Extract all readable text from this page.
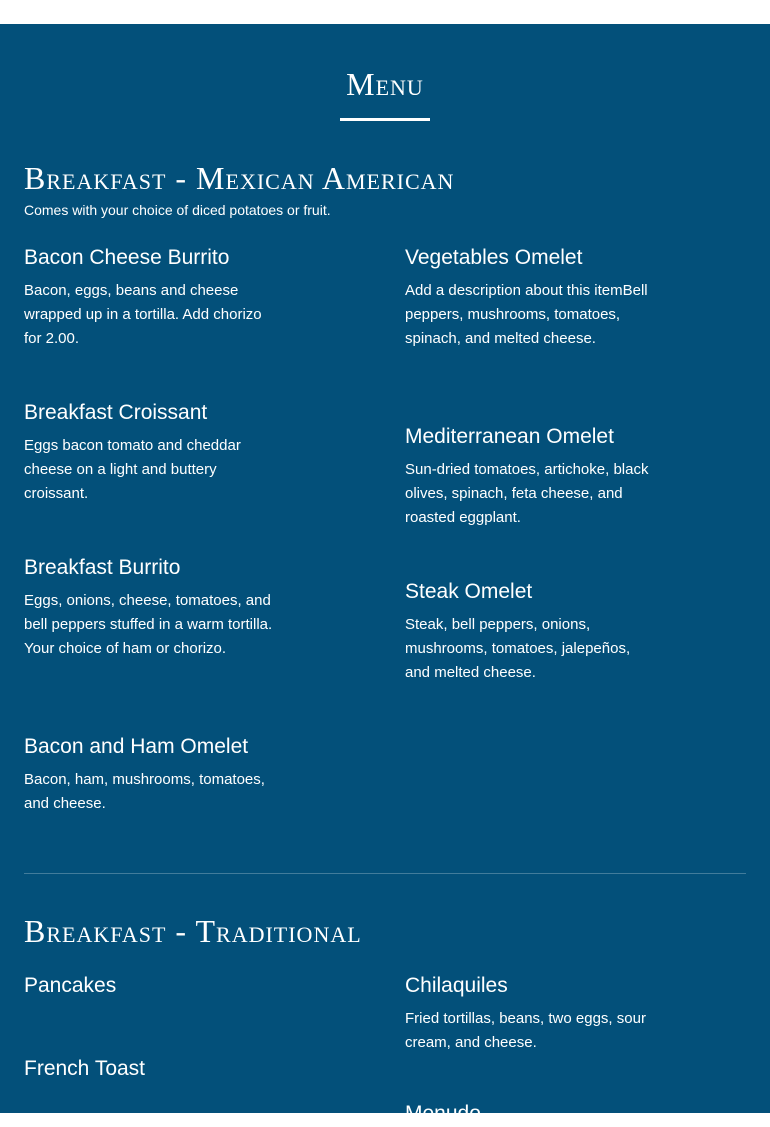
Menu
Breakfast - Mexican American

Comes with your choice of diced potatoes or fruit.

Bacon Cheese Burrito

Bacon, eggs, beans and cheese wrapped up in a tortilla. Add chorizo for 2.00.

Vegetables Omelet

Add a description about this itemBell peppers, mushrooms, tomatoes, spinach, and melted cheese.

Breakfast Croissant

Eggs bacon tomato and cheddar cheese on a light and buttery croissant.

Mediterranean Omelet

Sun-dried tomatoes, artichoke, black olives, spinach, feta cheese, and roasted eggplant.

Breakfast Burrito

Eggs, onions, cheese, tomatoes, and bell peppers stuffed in a warm tortilla. Your choice of ham or chorizo.

Steak Omelet

Steak, bell peppers, onions, mushrooms, tomatoes, jalepeños, and melted cheese.

Bacon and Ham Omelet

Bacon, ham, mushrooms, tomatoes, and cheese.

Breakfast - Traditional
Pancakes	Chilaquiles

Fried tortillas, beans, two eggs, sour cream, and cheese.

French Toast
Menudo
